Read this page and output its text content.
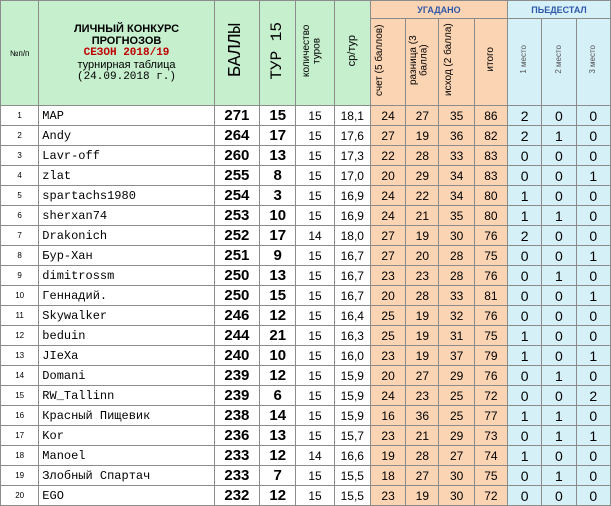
№п/п	ЛИЧНЫЙ КОНКУРС
ПРОГНОЗОВ
СЕЗОН 2018/19
турнирная таблица
(24.09.2018 г.)	БАЛЛЫ	ТУР 15	количество туров	ср/тур	УГАДАНО				ПЬЕДЕСТАЛ		
						счет (5 баллов)	разница (3 балла)	исход (2 балла)	итого	1 место	2 место	3 место
1	MAP	271	15	15	18,1	24	27	35	86	2	0	0
2	Andy	264	17	15	17,6	27	19	36	82	2	1	0
3	Lavr-off	260	13	15	17,3	22	28	33	83	0	0	0
4	zlat	255	8	15	17,0	20	29	34	83	0	0	1
5	spartachs1980	254	3	15	16,9	24	22	34	80	1	0	0
6	sherxan74	253	10	15	16,9	24	21	35	80	1	1	0
7	Drakonich	252	17	14	18,0	27	19	30	76	2	0	0
8	Бур-Хан	251	9	15	16,7	27	20	28	75	0	0	1
9	dimitrossm	250	13	15	16,7	23	23	28	76	0	1	0
10	Геннадий.	250	15	15	16,7	20	28	33	81	0	0	1
11	Skywalker	246	12	15	16,4	25	19	32	76	0	0	0
12	beduin	244	21	15	16,3	25	19	31	75	1	0	0
13	JIeXa	240	10	15	16,0	23	19	37	79	1	0	1
14	Domani	239	12	15	15,9	20	27	29	76	0	1	0
15	RW_Tallinn	239	6	15	15,9	24	23	25	72	0	0	2
16	Красный Пищевик	238	14	15	15,9	16	36	25	77	1	1	0
17	Kor	236	13	15	15,7	23	21	29	73	0	1	1
18	Manoel	233	12	14	16,6	19	28	27	74	1	0	0
19	Злобный Спартач	233	7	15	15,5	18	27	30	75	0	1	0
20	EGO	232	12	15	15,5	23	19	30	72	0	0	0
